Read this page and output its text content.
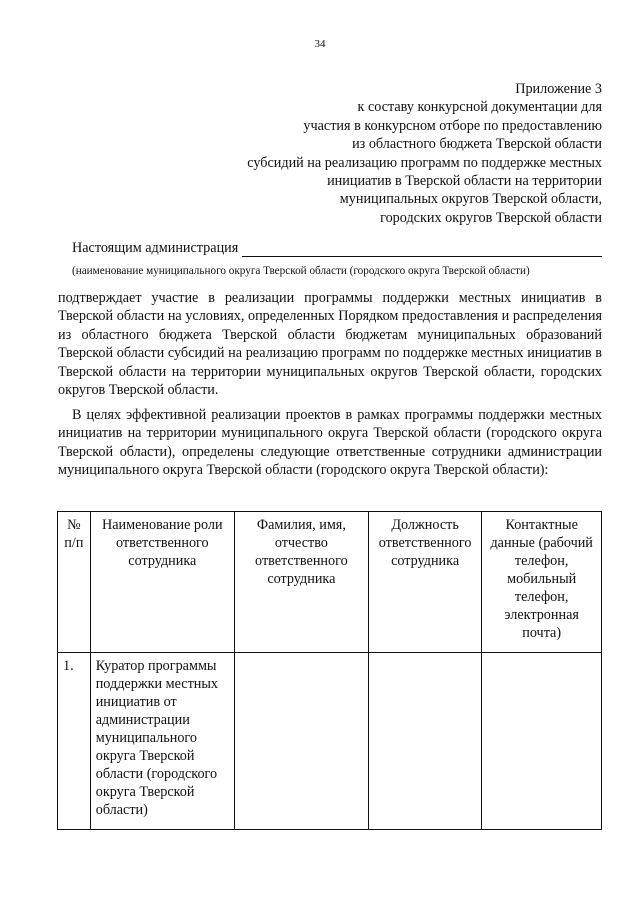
34
Приложение 3
к составу конкурсной документации для
участия в конкурсном отборе по предоставлению
из областного бюджета Тверской области
субсидий на реализацию программ по поддержке местных
инициатив в Тверской области на территории
муниципальных округов Тверской области,
городских округов Тверской области
Настоящим администрация
(наименование муниципального округа Тверской области (городского округа Тверской области)

подтверждает участие в реализации программы поддержки местных инициатив в Тверской области на условиях, определенных Порядком предоставления и распределения из областного бюджета Тверской области бюджетам муниципальных образований Тверской области субсидий на реализацию программ по поддержке местных инициатив в Тверской области на территории муниципальных округов Тверской области, городских округов Тверской области.

В целях эффективной реализации проектов в рамках программы поддержки местных инициатив на территории муниципального округа Тверской области (городского округа Тверской области), определены следующие ответственные сотрудники администрации муниципального округа Тверской области (городского округа Тверской области):

№ п/п	Наименование роли ответственного сотрудника	Фамилия, имя, отчество ответственного сотрудника	Должность ответственного сотрудника	Контактные данные (рабочий телефон, мобильный телефон, электронная почта)
1.	Куратор программы поддержки местных инициатив от администрации муниципального округа Тверской области (городского округа Тверской области)			
